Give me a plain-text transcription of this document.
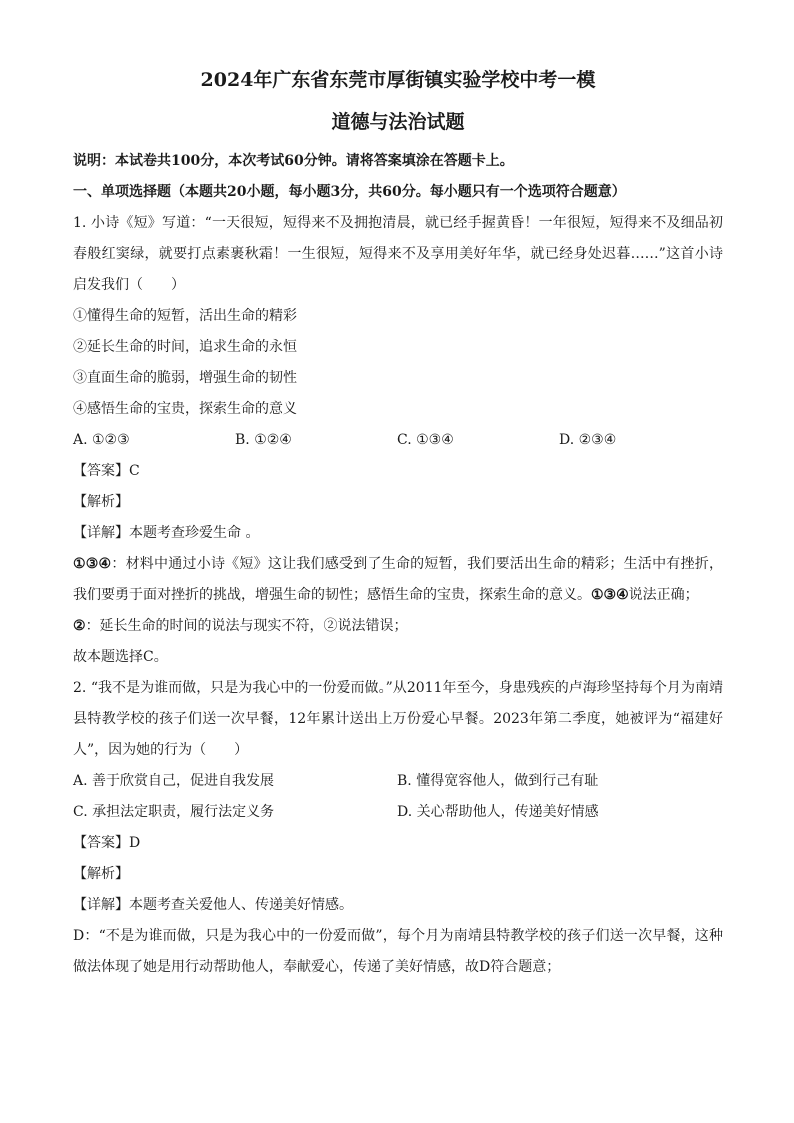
2024年广东省东莞市厚街镇实验学校中考一模

道德与法治试题

说明：本试卷共100分，本次考试60分钟。请将答案填涂在答题卡上。

一、单项选择题（本题共20小题，每小题3分，共60分。每小题只有一个选项符合题意）

1. 小诗《短》写道：“一天很短，短得来不及拥抱清晨，就已经手握黄昏！一年很短，短得来不及细品初春般红窦绿，就要打点素裹秋霜！一生很短，短得来不及享用美好年华，就已经身处迟暮……”这首小诗启发我们（　　）

①懂得生命的短暂，活出生命的精彩

②延长生命的时间，追求生命的永恒

③直面生命的脆弱，增强生命的韧性

④感悟生命的宝贵，探索生命的意义

A. ①②③	B. ①②④	C. ①③④	D. ②③④

【答案】C

【解析】

【详解】本题考查珍爱生命 。

①③④：材料中通过小诗《短》这让我们感受到了生命的短暂，我们要活出生命的精彩；生活中有挫折，我们要勇于面对挫折的挑战，增强生命的韧性；感悟生命的宝贵，探索生命的意义。①③④说法正确；

②：延长生命的时间的说法与现实不符，②说法错误；

故本题选择C。

2. “我不是为谁而做，只是为我心中的一份爱而做。”从2011年至今，身患残疾的卢海珍坚持每个月为南靖县特教学校的孩子们送一次早餐，12年累计送出上万份爱心早餐。2023年第二季度，她被评为“福建好人”，因为她的行为（　　）

A. 善于欣赏自己，促进自我发展	B. 懂得宽容他人，做到行己有耻
C. 承担法定职责，履行法定义务	D. 关心帮助他人，传递美好情感

【答案】D

【解析】

【详解】本题考查关爱他人、传递美好情感。

D：“不是为谁而做，只是为我心中的一份爱而做”，每个月为南靖县特教学校的孩子们送一次早餐，这种做法体现了她是用行动帮助他人，奉献爱心，传递了美好情感，故D符合题意；
